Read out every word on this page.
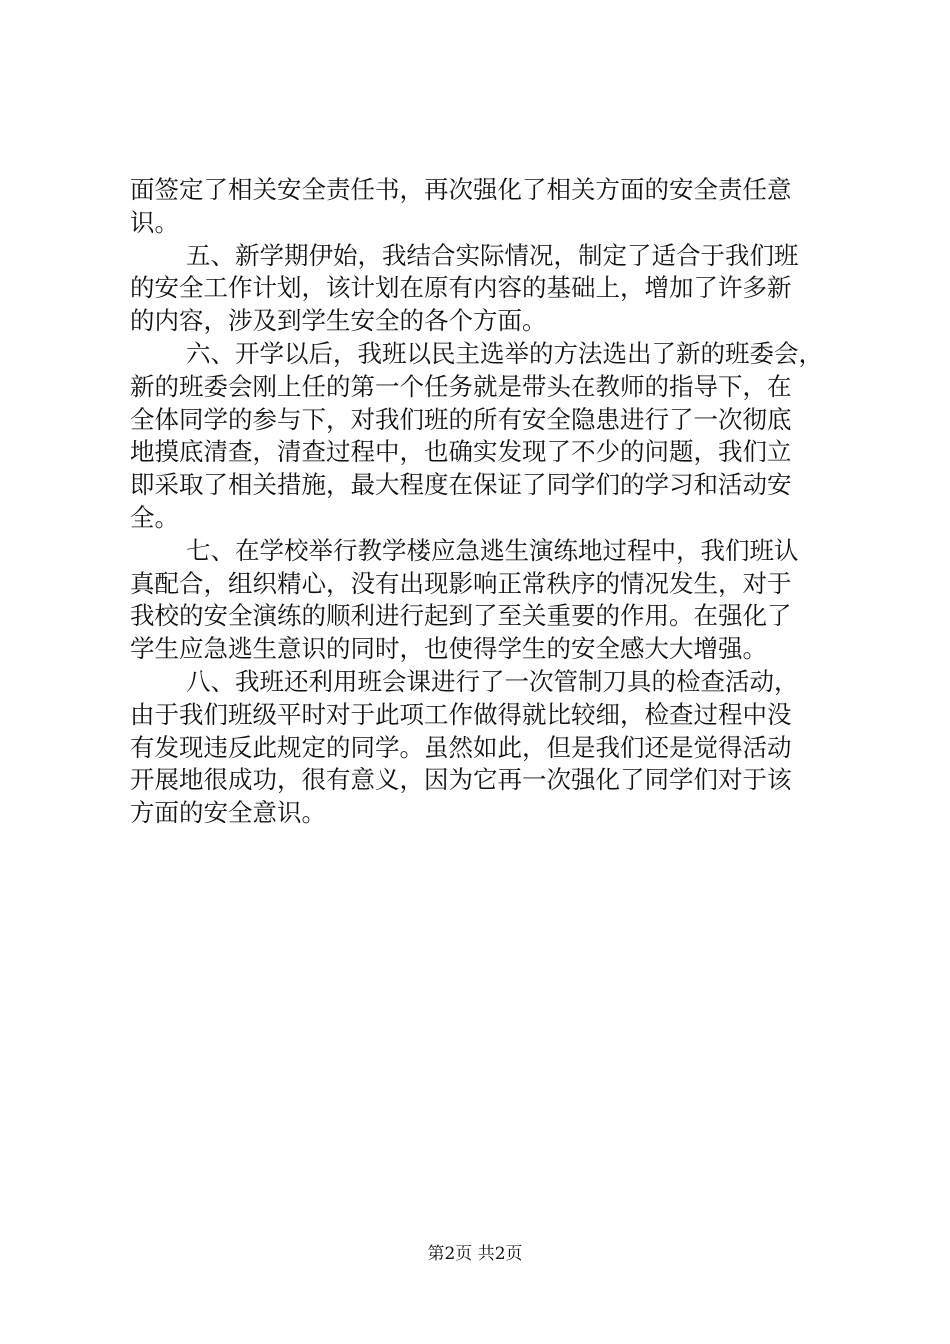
面签定了相关安全责任书，再次强化了相关方面的安全责任意
识。
五、新学期伊始，我结合实际情况，制定了适合于我们班
的安全工作计划，该计划在原有内容的基础上，增加了许多新
的内容，涉及到学生安全的各个方面。
六、开学以后，我班以民主选举的方法选出了新的班委会，
新的班委会刚上任的第一个任务就是带头在教师的指导下，在
全体同学的参与下，对我们班的所有安全隐患进行了一次彻底
地摸底清查，清查过程中，也确实发现了不少的问题，我们立
即采取了相关措施，最大程度在保证了同学们的学习和活动安
全。
七、在学校举行教学楼应急逃生演练地过程中，我们班认
真配合，组织精心，没有出现影响正常秩序的情况发生，对于
我校的安全演练的顺利进行起到了至关重要的作用。在强化了
学生应急逃生意识的同时，也使得学生的安全感大大增强。
八、我班还利用班会课进行了一次管制刀具的检查活动，
由于我们班级平时对于此项工作做得就比较细，检查过程中没
有发现违反此规定的同学。虽然如此，但是我们还是觉得活动
开展地很成功，很有意义，因为它再一次强化了同学们对于该
方面的安全意识。
第2页 共2页
